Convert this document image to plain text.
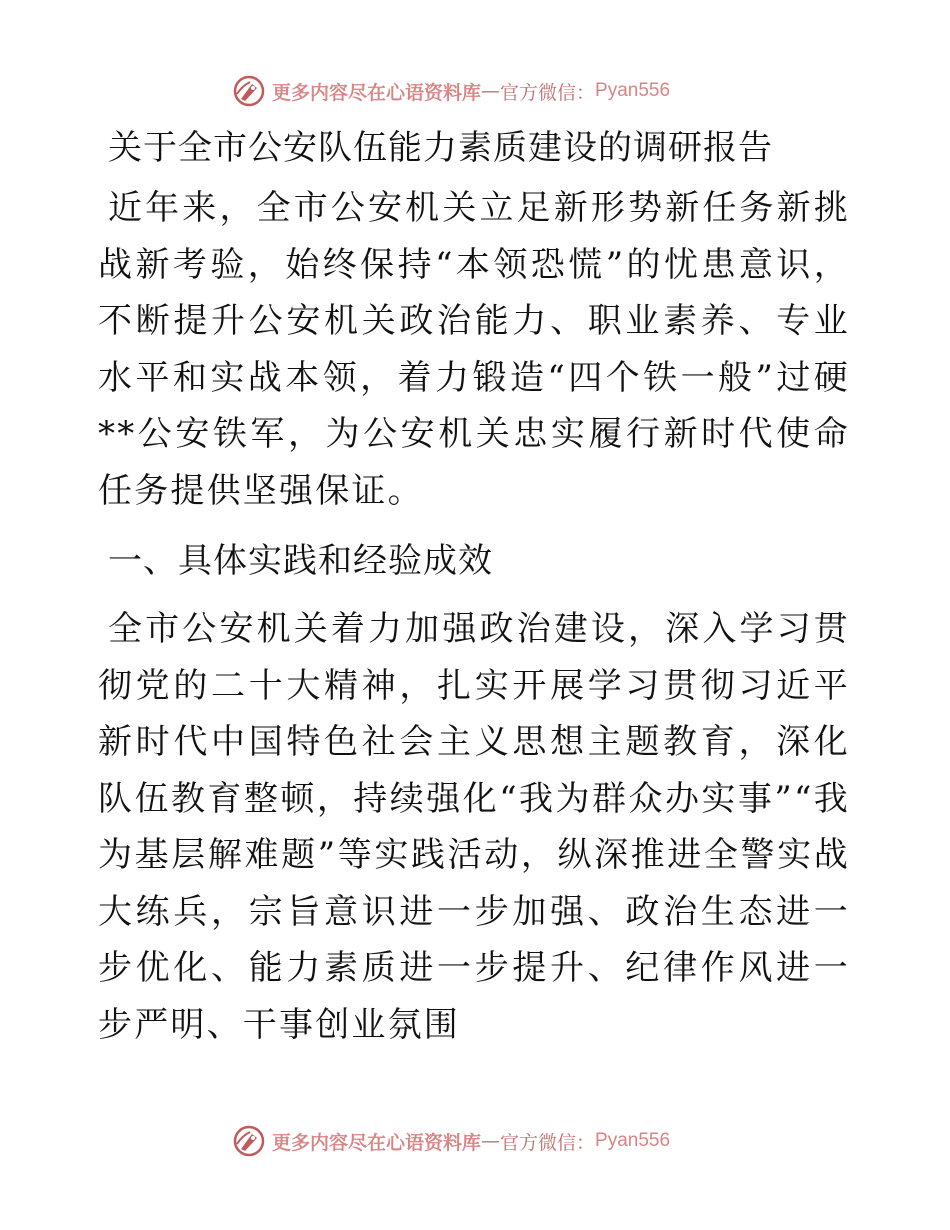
更多内容尽在心语资料库 — 官方微信： Pyan556
关于全市公安队伍能力素质建设的调研报告

近年来，全市公安机关立足新形势新任务新挑战新考验，始终保持“本领恐慌”的忧患意识，不断提升公安机关政治能力、职业素养、专业水平和实战本领，着力锻造“四个铁一般”过硬**公安铁军，为公安机关忠实履行新时代使命任务提供坚强保证。

一、具体实践和经验成效

全市公安机关着力加强政治建设，深入学习贯彻党的二十大精神，扎实开展学习贯彻习近平新时代中国特色社会主义思想主题教育，深化队伍教育整顿，持续强化“我为群众办实事”“我为基层解难题”等实践活动，纵深推进全警实战大练兵，宗旨意识进一步加强、政治生态进一步优化、能力素质进一步提升、纪律作风进一步严明、干事创业氛围

更多内容尽在心语资料库 — 官方微信： Pyan556
